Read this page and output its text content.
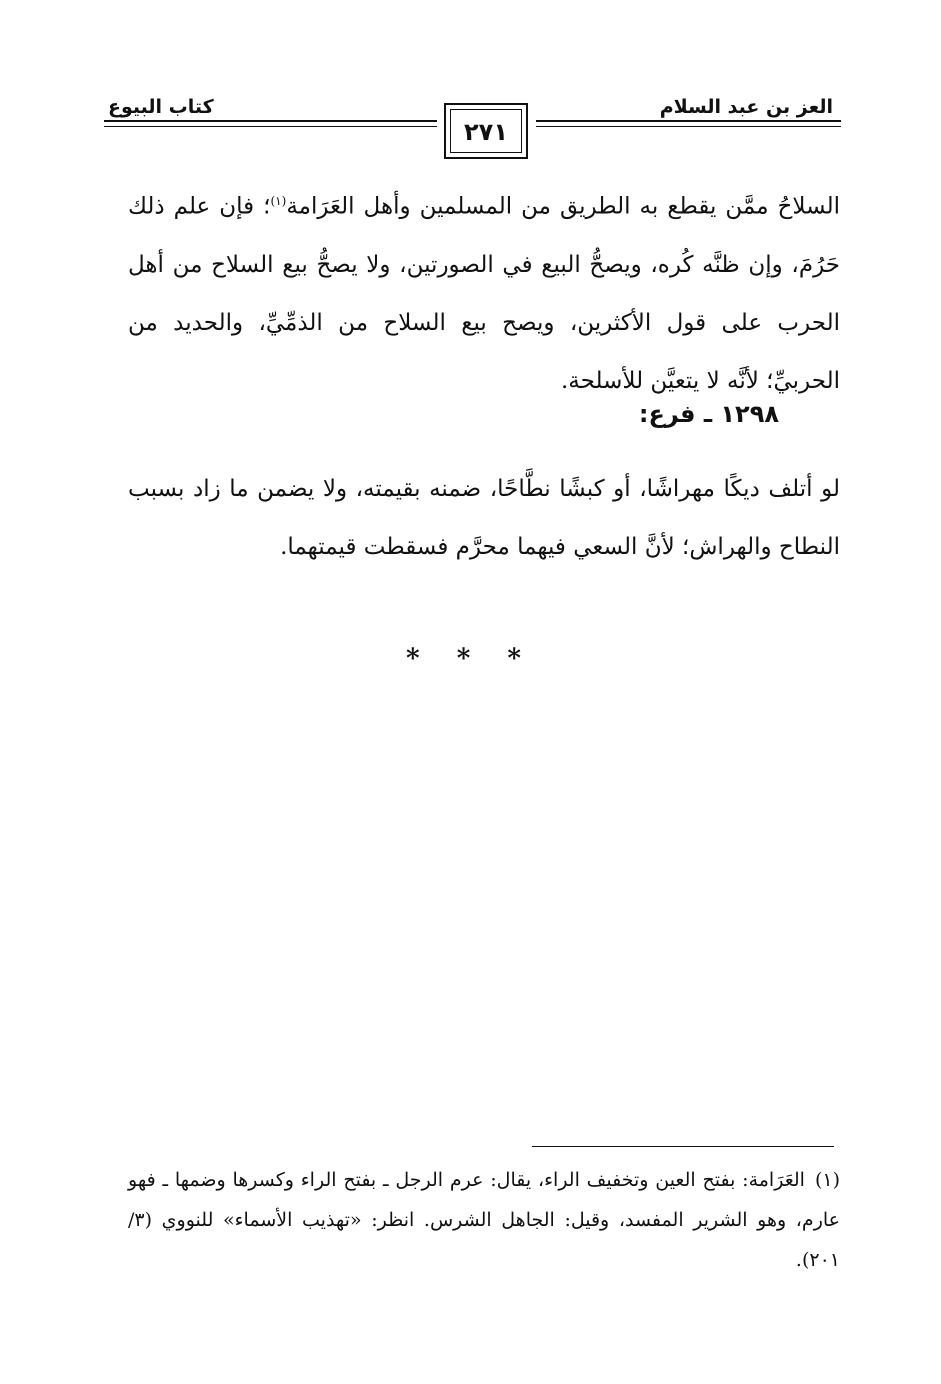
العز بن عبد السلام
كتاب البيوع
٢٧١
السلاحُ ممَّن يقطع به الطريق من المسلمين وأهل العَرَامة$^{(١)}$؛ فإن علم ذلك حَرُمَ، وإن ظنَّه كُره، ويصحُّ البيع في الصورتين، ولا يصحُّ بيع السلاح من أهل الحرب على قول الأكثرين، ويصح بيع السلاح من الذمِّيِّ، والحديد من الحربيِّ؛ لأنَّه لا يتعيَّن للأسلحة.
١٢٩٨ ـ فرع:
لو أتلف ديكًا مهراشًا، أو كبشًا نطَّاحًا، ضمنه بقيمته، ولا يضمن ما زاد بسبب النطاح والهراش؛ لأنَّ السعي فيهما محرَّم فسقطت قيمتهما.
* * *
(١)العَرَامة: بفتح العين وتخفيف الراء، يقال: عرم الرجل ـ بفتح الراء وكسرها وضمها ـ فهو عارم، وهو الشرير المفسد، وقيل: الجاهل الشرس. انظر: «تهذيب الأسماء» للنووي (٣/ ٢٠١).
